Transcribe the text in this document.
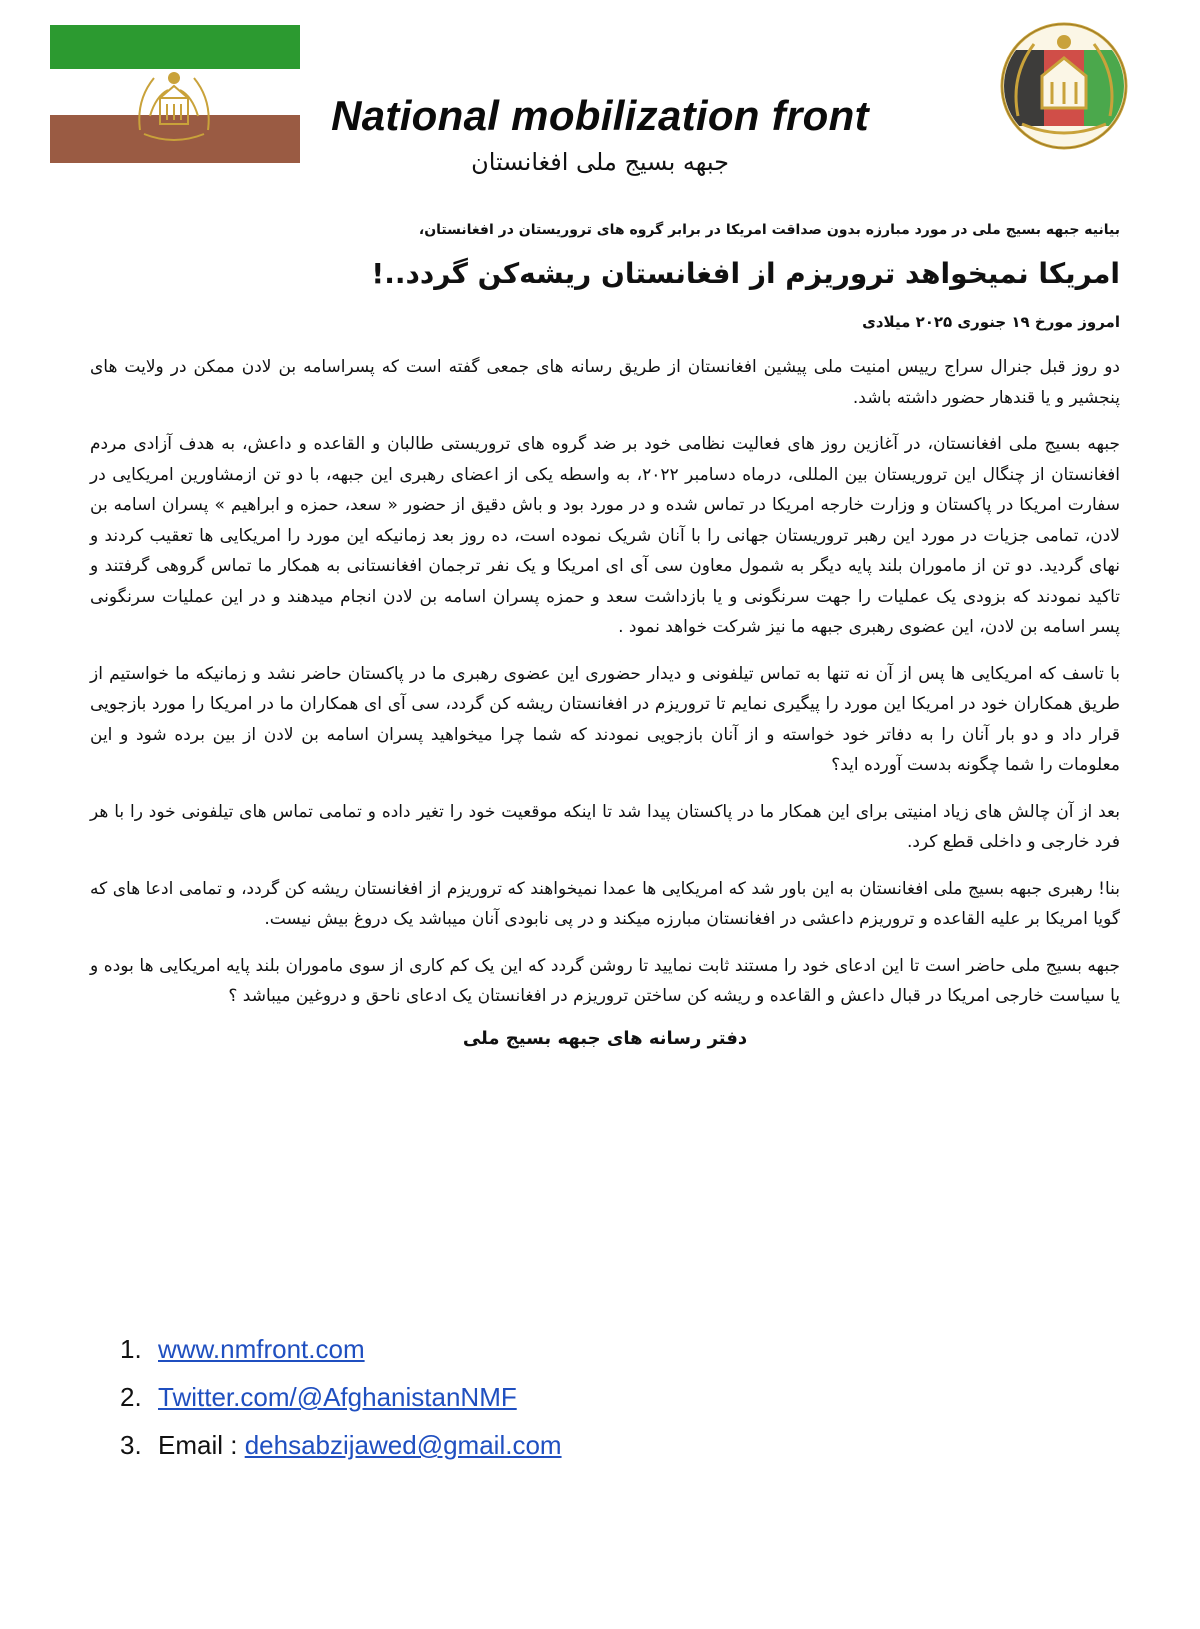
National mobilization front
جبهه بسیج ملی افغانستان
بیانیه جبهه بسیج ملی در مورد مبارزه بدون صداقت امریکا در برابر گروه های تروریستان در افغانستان،
امریکا نمیخواهد تروریزم از افغانستان ریشه‌کن گردد..!
امروز مورخ ۱۹ جنوری ۲۰۲۵ میلادی

دو روز قبل جنرال سراج رییس امنیت ملی پیشین افغانستان از طریق رسانه های جمعی گفته است که پسراسامه بن لادن ممکن در ولایت های پنجشیر و یا قندهار حضور داشته باشد.

جبهه بسیج ملی افغانستان، در آغازین روز های فعالیت نظامی خود بر ضد گروه های تروریستی طالبان و القاعده و داعش، به هدف آزادی مردم افغانستان از چنگال این تروریستان بین المللی، درماه دسامبر ۲۰۲۲، به واسطه یکی از اعضای رهبری این جبهه، با دو تن ازمشاورین امریکایی در سفارت امریکا در پاکستان و وزارت خارجه امریکا در تماس شده و در مورد بود و باش دقیق از حضور « سعد، حمزه و ابراهیم » پسران اسامه بن لادن، تمامی جزیات در مورد این رهبر تروریستان جهانی را با آنان شریک نموده است، ده روز بعد زمانیکه این مورد را امریکایی ها تعقیب کردند و نهای گردید. دو تن از ماموران بلند پایه دیگر به شمول معاون سی آی ای امریکا و یک نفر ترجمان افغانستانی به همکار ما تماس گروهی گرفتند و تاکید نمودند که بزودی یک عملیات را جهت سرنگونی و یا بازداشت سعد و حمزه پسران اسامه بن لادن انجام میدهند و در این عملیات سرنگونی پسر اسامه بن لادن، این عضوی رهبری جبهه ما نیز شرکت خواهد نمود .

با تاسف که امریکایی ها پس از آن نه تنها به تماس تیلفونی و دیدار حضوری این عضوی رهبری ما در پاکستان حاضر نشد و زمانیکه ما خواستیم از طریق همکاران خود در امریکا این مورد را پیگیری نمایم تا تروریزم در افغانستان ریشه کن گردد، سی آی ای همکاران ما در امریکا را مورد بازجویی قرار داد و دو بار آنان را به دفاتر خود خواسته و از آنان بازجویی نمودند که شما چرا میخواهید پسران اسامه بن لادن از بین برده شود و این معلومات را شما چگونه بدست آورده اید؟

بعد از آن چالش های زیاد امنیتی برای این همکار ما در پاکستان پیدا شد تا اینکه موقعیت خود را تغیر داده و تمامی تماس های تیلفونی خود را با هر فرد خارجی و داخلی قطع کرد.

بنا! رهبری جبهه بسیج ملی افغانستان به این باور شد که امریکایی ها عمدا نمیخواهند که تروریزم از افغانستان ریشه کن گردد، و تمامی ادعا های که گویا امریکا بر علیه القاعده و تروریزم داعشی در افغانستان مبارزه میکند و در پی نابودی آنان میباشد یک دروغ بیش نیست.

جبهه بسیج ملی حاضر است تا این ادعای خود را مستند ثابت نمایید تا روشن گردد که این یک کم کاری از سوی ماموران بلند پایه امریکایی ها بوده و یا سیاست خارجی امریکا در قبال داعش و القاعده و ریشه کن ساختن تروریزم در افغانستان یک ادعای ناحق و دروغین میباشد ؟

دفتر رسانه های جبهه بسیج ملی
1. www.nmfront.com
2. Twitter.com/@AfghanistanNMF
3. Email : dehsabzijawed@gmail.com
